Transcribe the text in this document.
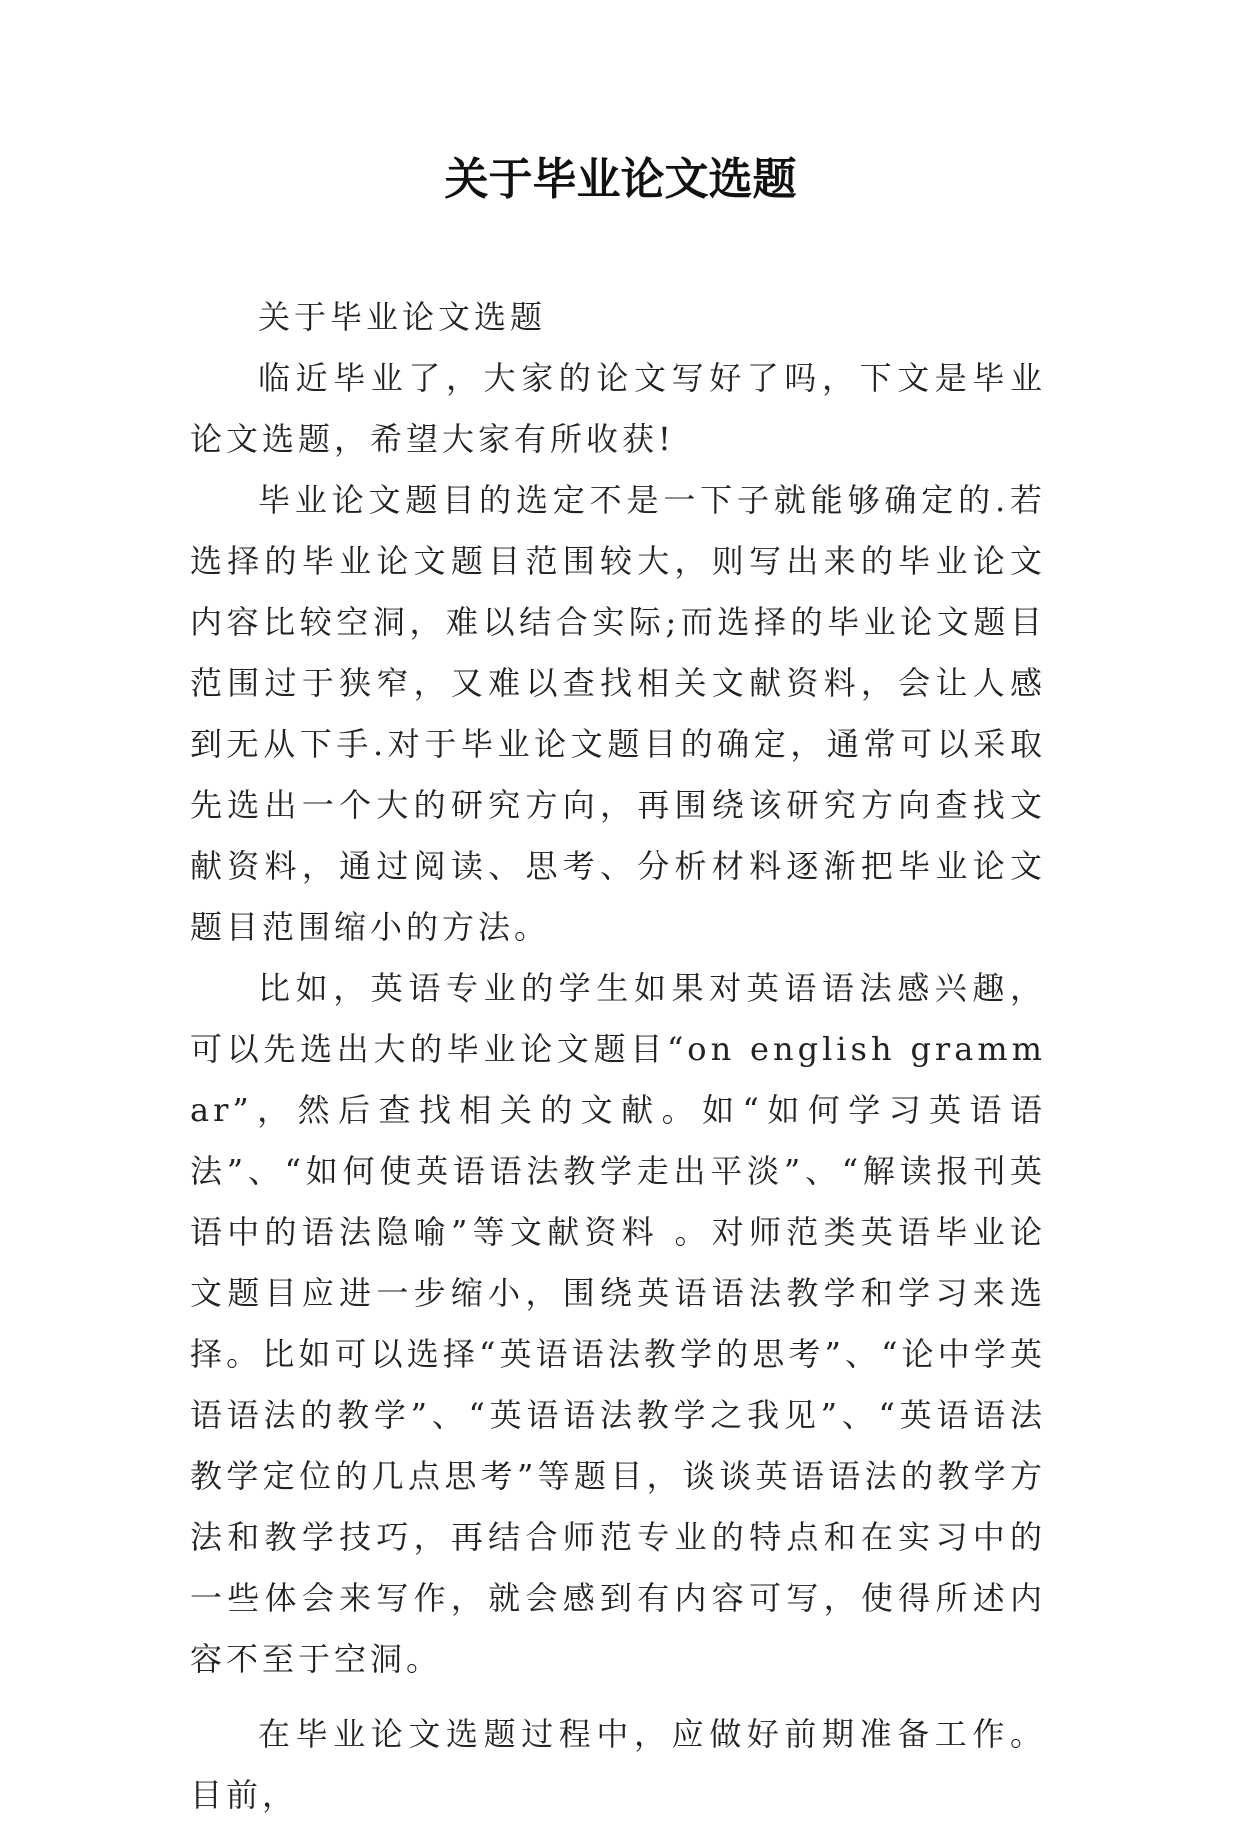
关于毕业论文选题

关于毕业论文选题

临近毕业了，大家的论文写好了吗，下文是毕业论文选题，希望大家有所收获!

毕业论文题目的选定不是一下子就能够确定的.若选择的毕业论文题目范围较大，则写出来的毕业论文内容比较空洞，难以结合实际;而选择的毕业论文题目范围过于狭窄，又难以查找相关文献资料，会让人感到无从下手.对于毕业论文题目的确定，通常可以采取先选出一个大的研究方向，再围绕该研究方向查找文献资料，通过阅读、思考、分析材料逐渐把毕业论文题目范围缩小的方法。

比如，英语专业的学生如果对英语语法感兴趣，可以先选出大的毕业论文题目“on english grammar”，然后查找相关的文献。如“如何学习英语语法”、“如何使英语语法教学走出平淡”、“解读报刊英语中的语法隐喻”等文献资料 。对师范类英语毕业论文题目应进一步缩小，围绕英语语法教学和学习来选择。比如可以选择“英语语法教学的思考”、“论中学英语语法的教学”、“英语语法教学之我见”、“英语语法教学定位的几点思考”等题目，谈谈英语语法的教学方法和教学技巧，再结合师范专业的特点和在实习中的一些体会来写作，就会感到有内容可写，使得所述内容不至于空洞。

在毕业论文选题过程中，应做好前期准备工作。目前，
